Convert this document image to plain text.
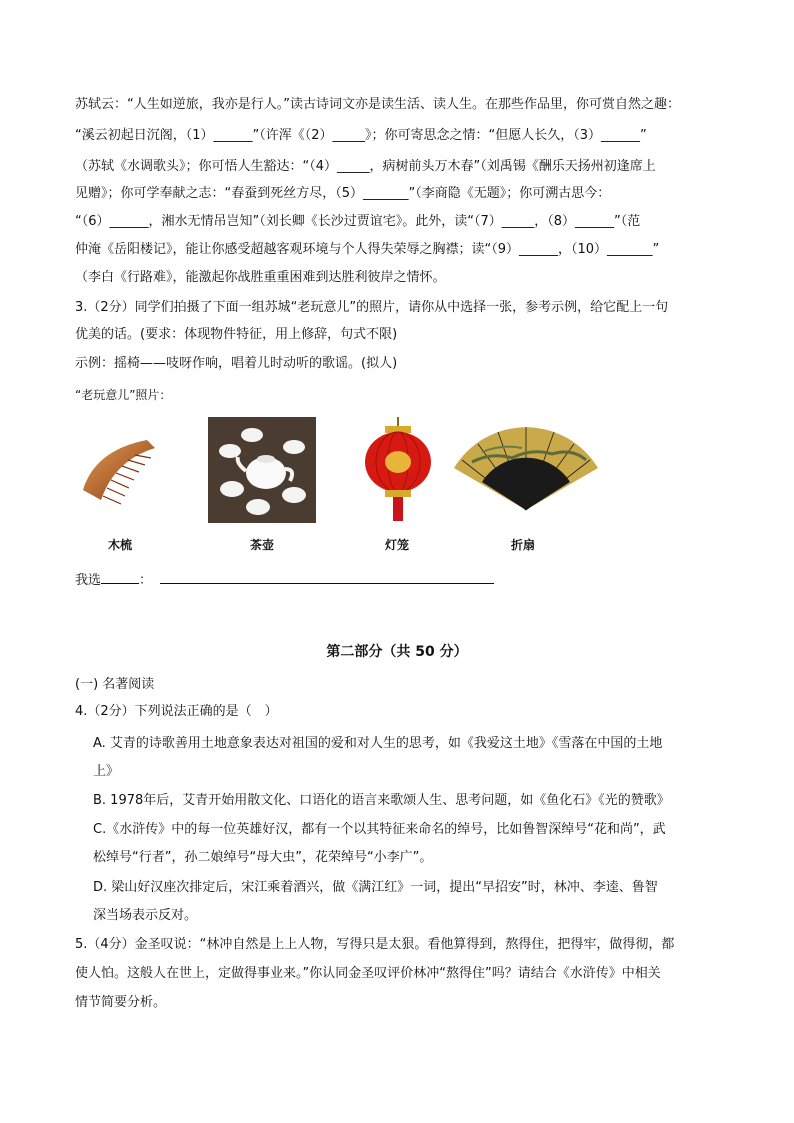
苏轼云：“人生如逆旅，我亦是行人。”读古诗词文亦是读生活、读人生。在那些作品里，你可赏自然之趣：
“溪云初起日沉阁，（1）______”（许浑《（2）_____》；你可寄思念之情：“但愿人长久，（3）______”
（苏轼《水调歌头》；你可悟人生豁达：“（4）_____，病树前头万木春”（刘禹锡《酬乐天扬州初逢席上
见赠》；你可学奉献之志：“春蚕到死丝方尽，（5）_______”（李商隐《无题》；你可溯古思今：
“（6）______，湘水无情吊岂知”（刘长卿《长沙过贾谊宅》。此外，读“（7）_____，（8）______”（范
仲淹《岳阳楼记》，能让你感受超越客观环境与个人得失荣辱之胸襟；读“（9）______，（10）_______”
（李白《行路难》，能激起你战胜重重困难到达胜利彼岸之情怀。
3.（2分）同学们拍摄了下面一组苏城“老玩意儿”的照片，请你从中选择一张，参考示例，给它配上一句
优美的话。(要求：体现物件特征，用上修辞，句式不限)
示例：摇椅——吱呀作响，唱着儿时动听的歌谣。(拟人)
“老玩意儿”照片：
木梳	茶壶	灯笼	折扇
我选	：
第二部分（共 50 分）
(一) 名著阅读
4.（2分）下列说法正确的是（　）
A. 艾青的诗歌善用土地意象表达对祖国的爱和对人生的思考，如《我爱这土地》《雪落在中国的土地
上》
B. 1978年后，艾青开始用散文化、口语化的语言来歌颂人生、思考问题，如《鱼化石》《光的赞歌》
C.《水浒传》中的每一位英雄好汉，都有一个以其特征来命名的绰号，比如鲁智深绰号“花和尚”，武
松绰号“行者”，孙二娘绰号“母大虫”，花荣绰号“小李广”。
D. 梁山好汉座次排定后，宋江乘着酒兴，做《满江红》一词，提出“早招安”时，林冲、李逵、鲁智
深当场表示反对。
5.（4分）金圣叹说：“林冲自然是上上人物，写得只是太狠。看他算得到，熬得住，把得牢，做得彻，都
使人怕。这般人在世上，定做得事业来。”你认同金圣叹评价林冲“熬得住”吗？请结合《水浒传》中相关
情节简要分析。
